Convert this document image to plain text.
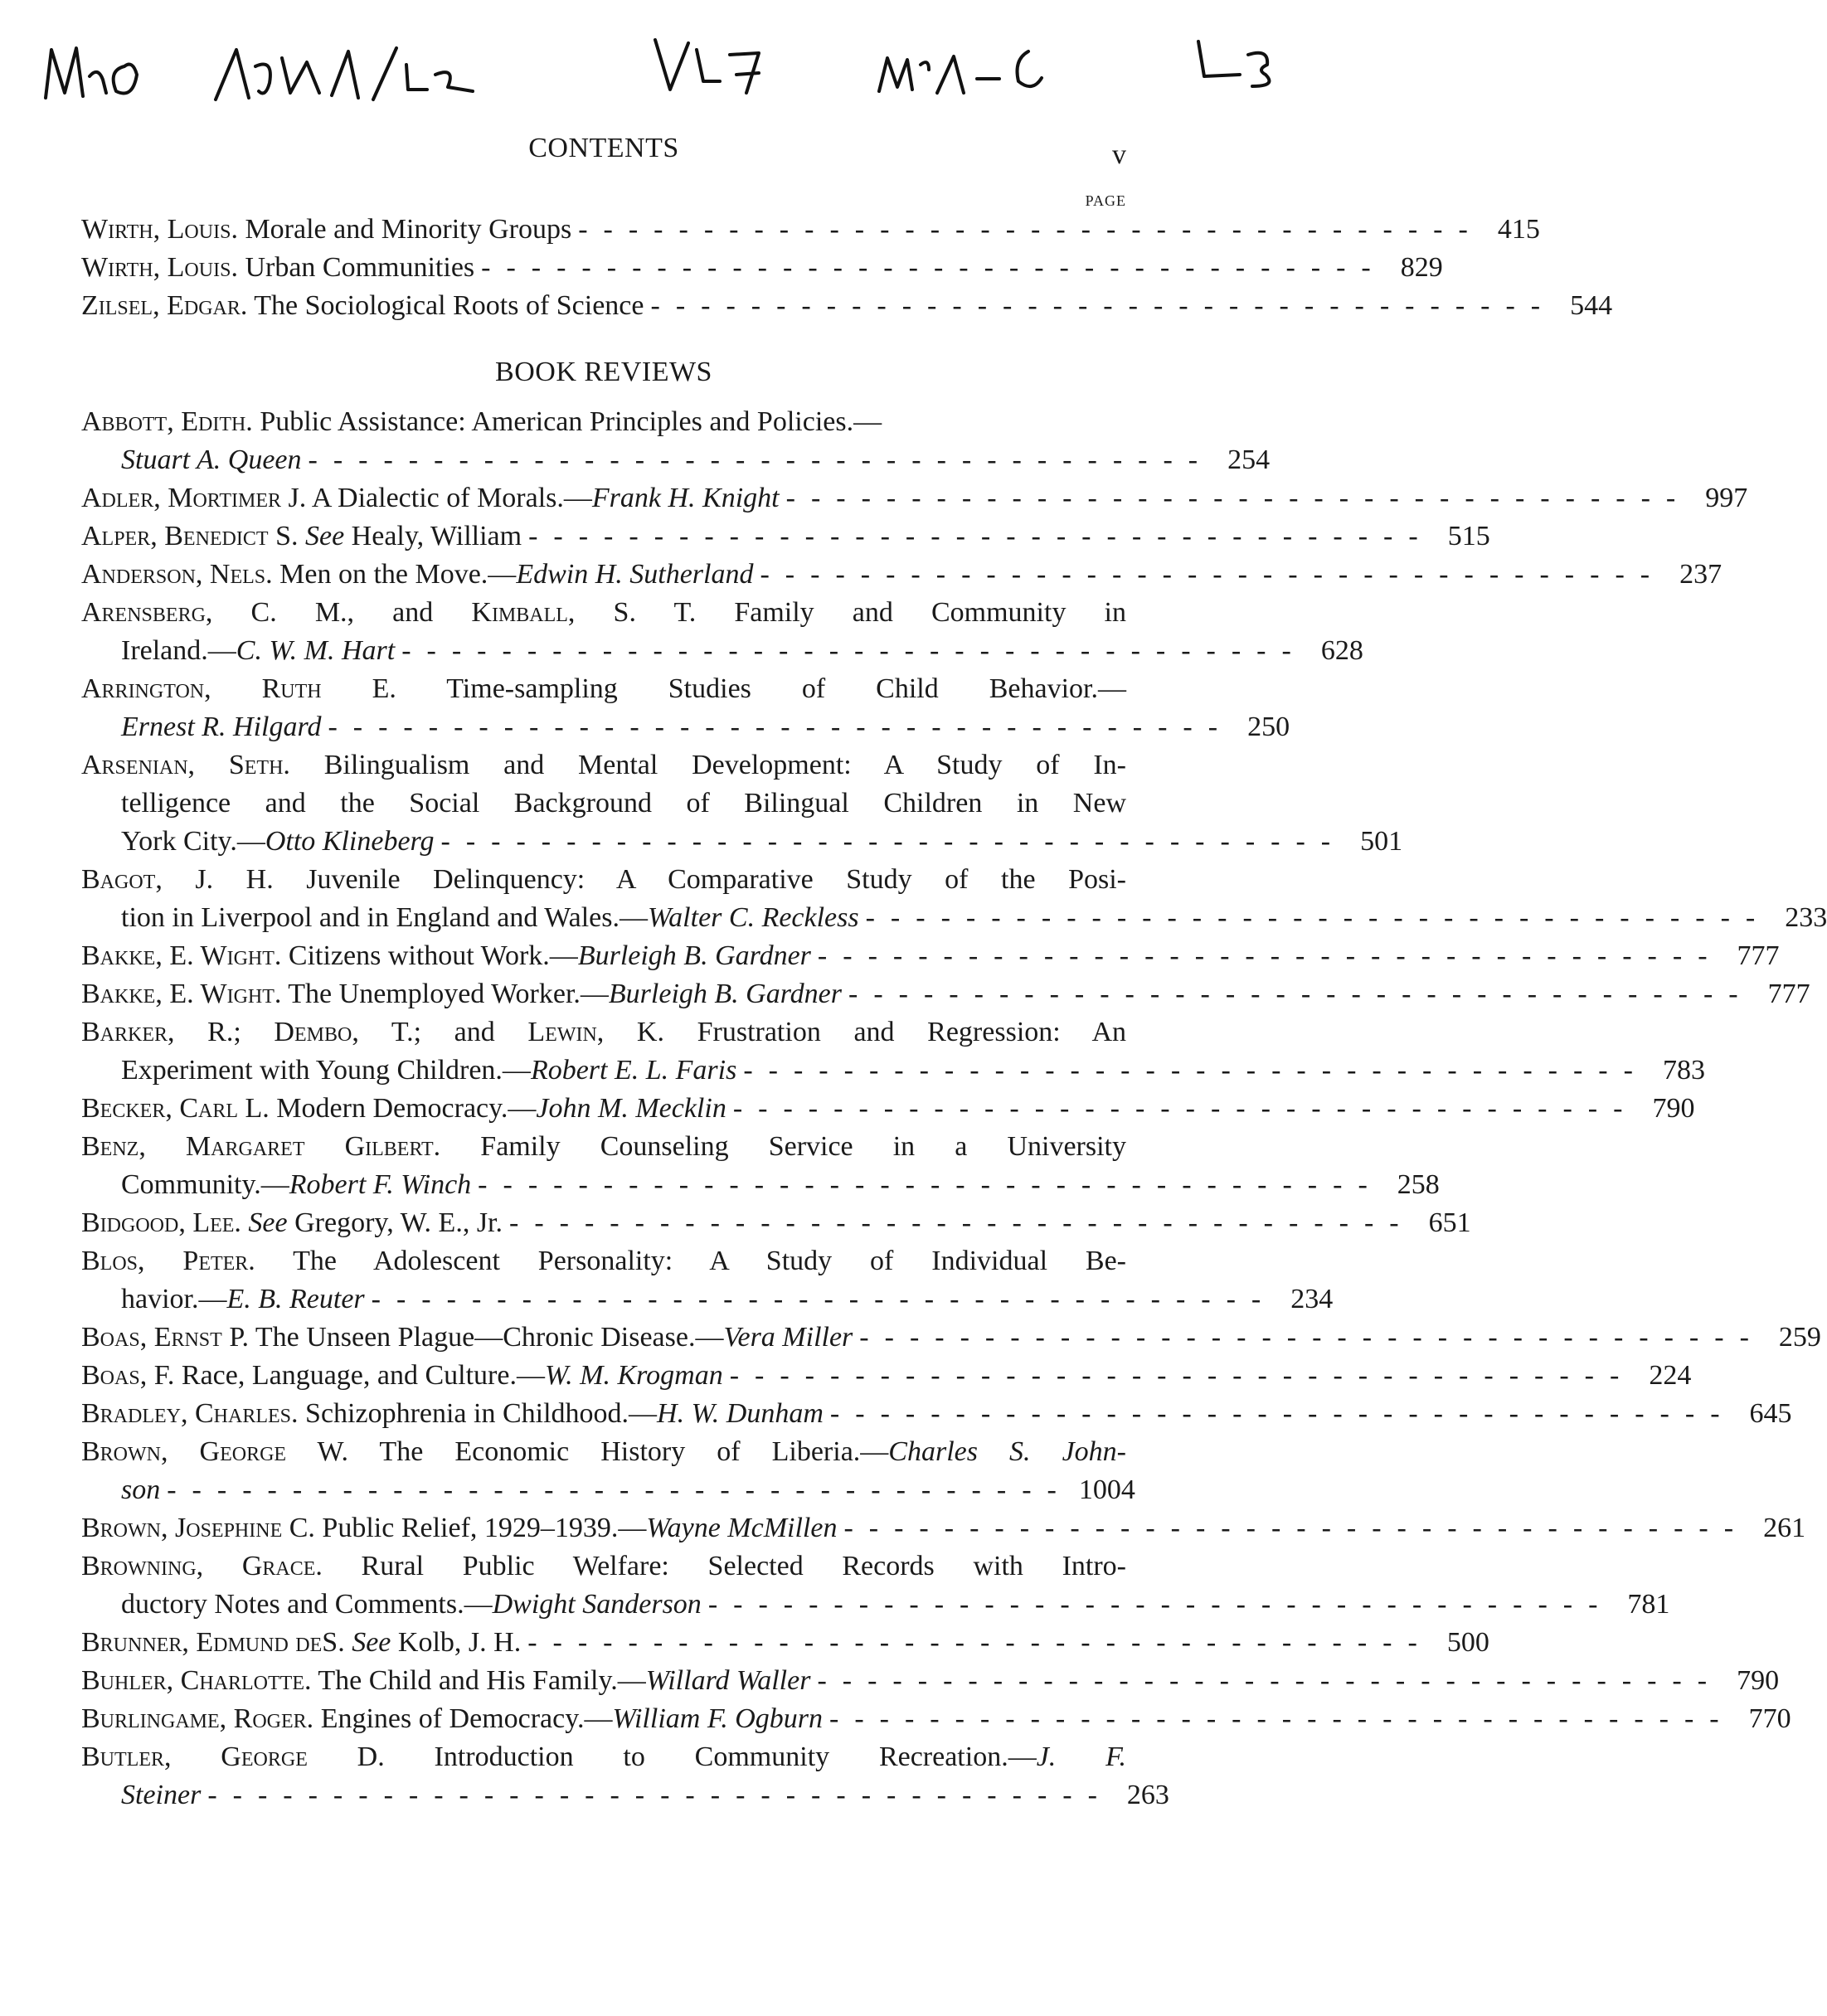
CONTENTS	v
PAGE
Wirth, Louis. Morale and Minority Groups ------------------------------------ 415
Wirth, Louis. Urban Communities ------------------------------------ 829
Zilsel, Edgar. The Sociological Roots of Science ------------------------------------ 544
BOOK REVIEWS
Abbott, Edith. Public Assistance: American Principles and Policies.—
Stuart A. Queen ------------------------------------ 254
Adler, Mortimer J. A Dialectic of Morals.—Frank H. Knight ------------------------------------ 997
Alper, Benedict S. See Healy, William ------------------------------------ 515
Anderson, Nels. Men on the Move.—Edwin H. Sutherland ------------------------------------ 237
Arensberg, C. M., and Kimball, S. T. Family and Community in
Ireland.—C. W. M. Hart ------------------------------------ 628
Arrington, Ruth E. Time-sampling Studies of Child Behavior.—
Ernest R. Hilgard ------------------------------------ 250
Arsenian, Seth. Bilingualism and Mental Development: A Study of In-
telligence and the Social Background of Bilingual Children in New
York City.—Otto Klineberg ------------------------------------ 501
Bagot, J. H. Juvenile Delinquency: A Comparative Study of the Posi-
tion in Liverpool and in England and Wales.—Walter C. Reckless ------------------------------------ 233
Bakke, E. Wight. Citizens without Work.—Burleigh B. Gardner ------------------------------------ 777
Bakke, E. Wight. The Unemployed Worker.—Burleigh B. Gardner ------------------------------------ 777
Barker, R.; Dembo, T.; and Lewin, K. Frustration and Regression: An
Experiment with Young Children.—Robert E. L. Faris ------------------------------------ 783
Becker, Carl L. Modern Democracy.—John M. Mecklin ------------------------------------ 790
Benz, Margaret Gilbert. Family Counseling Service in a University
Community.—Robert F. Winch ------------------------------------ 258
Bidgood, Lee. See Gregory, W. E., Jr. ------------------------------------ 651
Blos, Peter. The Adolescent Personality: A Study of Individual Be-
havior.—E. B. Reuter ------------------------------------ 234
Boas, Ernst P. The Unseen Plague—Chronic Disease.—Vera Miller ------------------------------------ 259
Boas, F. Race, Language, and Culture.—W. M. Krogman ------------------------------------ 224
Bradley, Charles. Schizophrenia in Childhood.—H. W. Dunham ------------------------------------ 645
Brown, George W. The Economic History of Liberia.—Charles S. John-
son ------------------------------------ 1004
Brown, Josephine C. Public Relief, 1929–1939.—Wayne McMillen ------------------------------------ 261
Browning, Grace. Rural Public Welfare: Selected Records with Intro-
ductory Notes and Comments.—Dwight Sanderson ------------------------------------ 781
Brunner, Edmund deS. See Kolb, J. H. ------------------------------------ 500
Buhler, Charlotte. The Child and His Family.—Willard Waller ------------------------------------ 790
Burlingame, Roger. Engines of Democracy.—William F. Ogburn ------------------------------------ 770
Butler, George D. Introduction to Community Recreation.—J. F.
Steiner ------------------------------------ 263
